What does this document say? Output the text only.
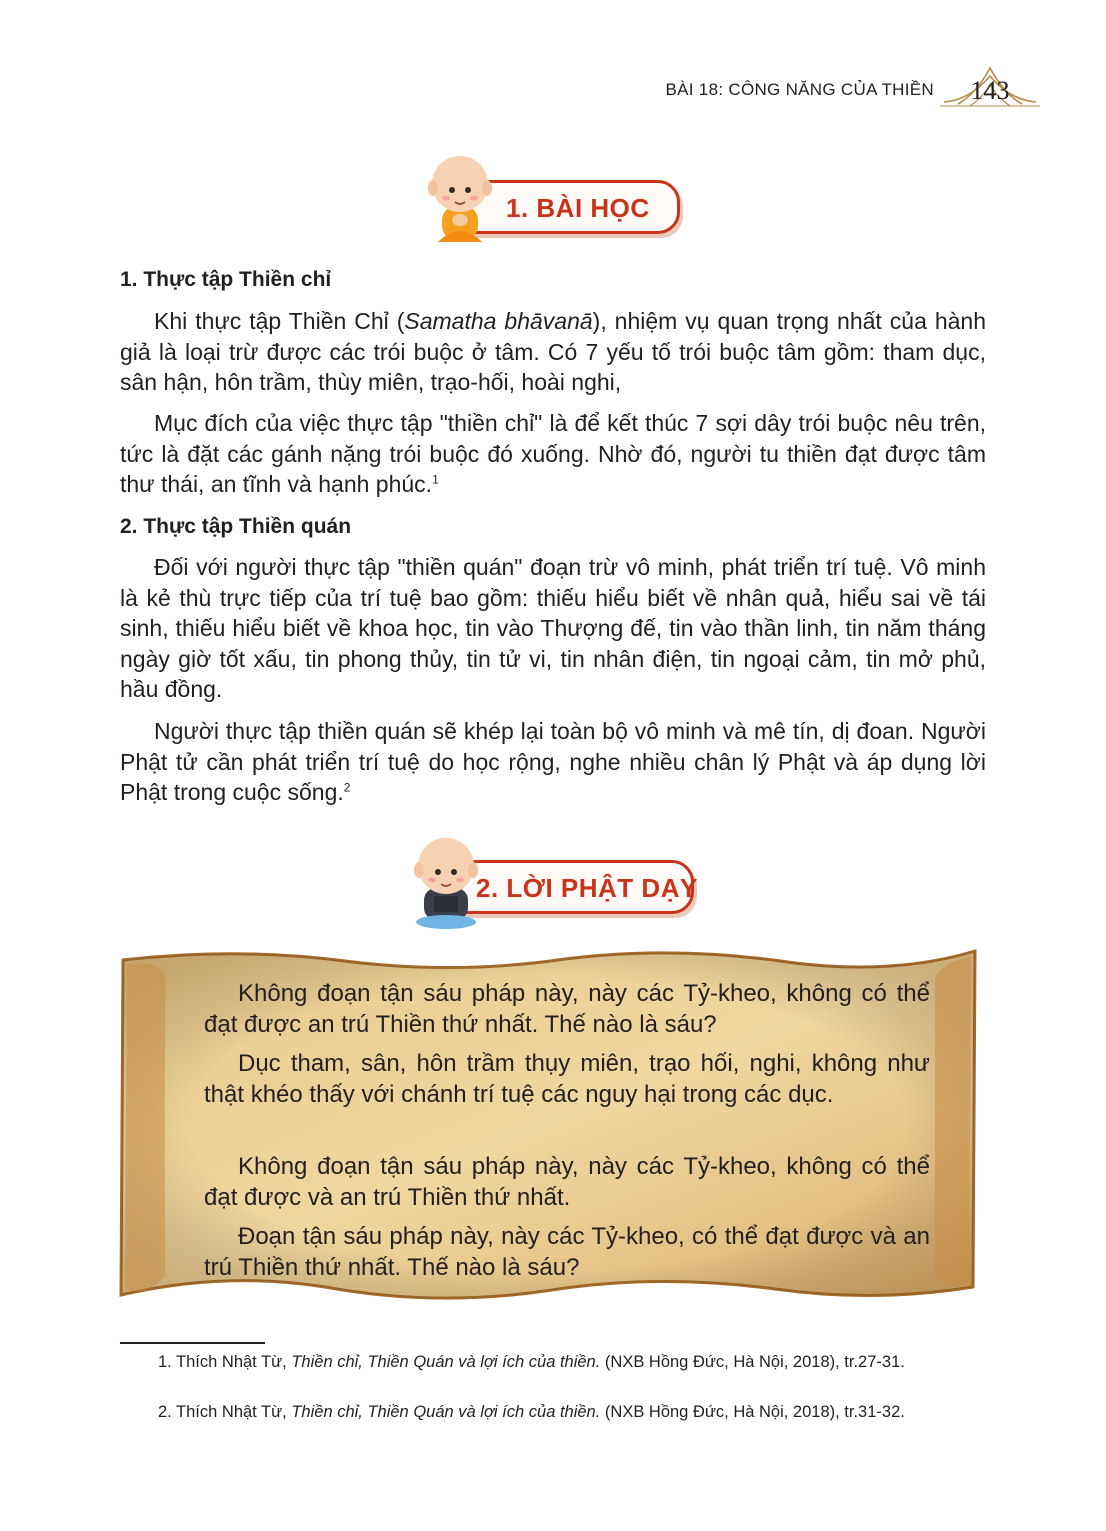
BÀI 18: CÔNG NĂNG CỦA THIỀN 143
1. BÀI HỌC
1. Thực tập Thiền chỉ

Khi thực tập Thiền Chỉ (Samatha bhāvanā), nhiệm vụ quan trọng nhất của hành giả là loại trừ được các trói buộc ở tâm. Có 7 yếu tố trói buộc tâm gồm: tham dục, sân hận, hôn trầm, thùy miên, trạo-hối, hoài nghi,

Mục đích của việc thực tập "thiền chỉ" là để kết thúc 7 sợi dây trói buộc nêu trên, tức là đặt các gánh nặng trói buộc đó xuống. Nhờ đó, người tu thiền đạt được tâm thư thái, an tĩnh và hạnh phúc.$^1$

2. Thực tập Thiền quán

Đối với người thực tập "thiền quán" đoạn trừ vô minh, phát triển trí tuệ. Vô minh là kẻ thù trực tiếp của trí tuệ bao gồm: thiếu hiểu biết về nhân quả, hiểu sai về tái sinh, thiếu hiểu biết về khoa học, tin vào Thượng đế, tin vào thần linh, tin năm tháng ngày giờ tốt xấu, tin phong thủy, tin tử vi, tin nhân điện, tin ngoại cảm, tin mở phủ, hầu đồng.

Người thực tập thiền quán sẽ khép lại toàn bộ vô minh và mê tín, dị đoan. Người Phật tử cần phát triển trí tuệ do học rộng, nghe nhiều chân lý Phật và áp dụng lời Phật trong cuộc sống.$^2$

2. LỜI PHẬT DẠY

Không đoạn tận sáu pháp này, này các Tỷ-kheo, không có thể đạt được an trú Thiền thứ nhất. Thế nào là sáu?

Dục tham, sân, hôn trầm thụy miên, trạo hối, nghi, không như thật khéo thấy với chánh trí tuệ các nguy hại trong các dục.

Không đoạn tận sáu pháp này, này các Tỷ-kheo, không có thể đạt được và an trú Thiền thứ nhất.

Đoạn tận sáu pháp này, này các Tỷ-kheo, có thể đạt được và an trú Thiền thứ nhất. Thế nào là sáu?

1. Thích Nhật Từ, Thiền chỉ, Thiền Quán và lợi ích của thiền. (NXB Hồng Đức, Hà Nội, 2018), tr.27-31.

2. Thích Nhật Từ, Thiền chỉ, Thiền Quán và lợi ích của thiền. (NXB Hồng Đức, Hà Nội, 2018), tr.31-32.
